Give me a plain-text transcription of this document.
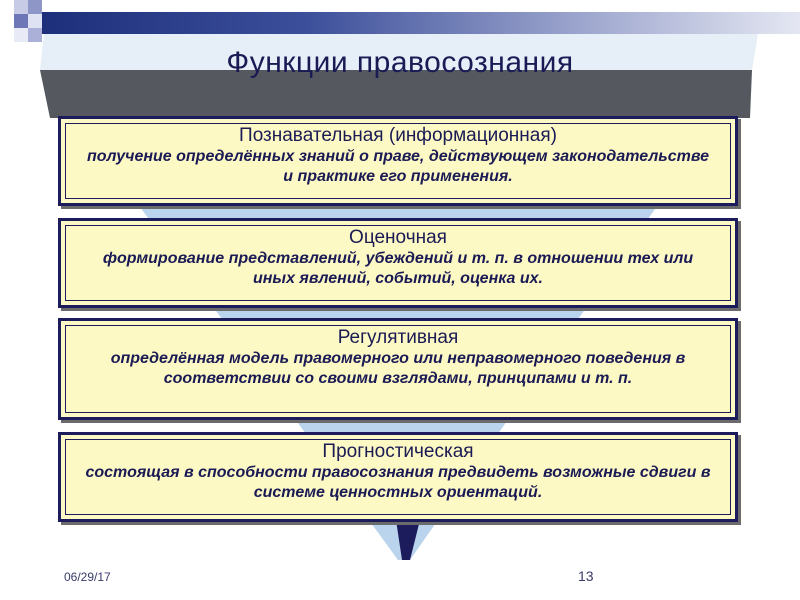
Функции правосознания
Познавательная (информационная)
получение определённых знаний о праве, действующем законодательстве и практике его применения.
Оценочная
формирование представлений, убеждений и т. п. в отношении тех или иных явлений, событий, оценка их.
Регулятивная
определённая модель правомерного или неправомерного поведения в соответствии со своими взглядами, принципами и т. п.
Прогностическая
состоящая в способности правосознания предвидеть возможные сдвиги в системе ценностных ориентаций.
06/29/17	13
